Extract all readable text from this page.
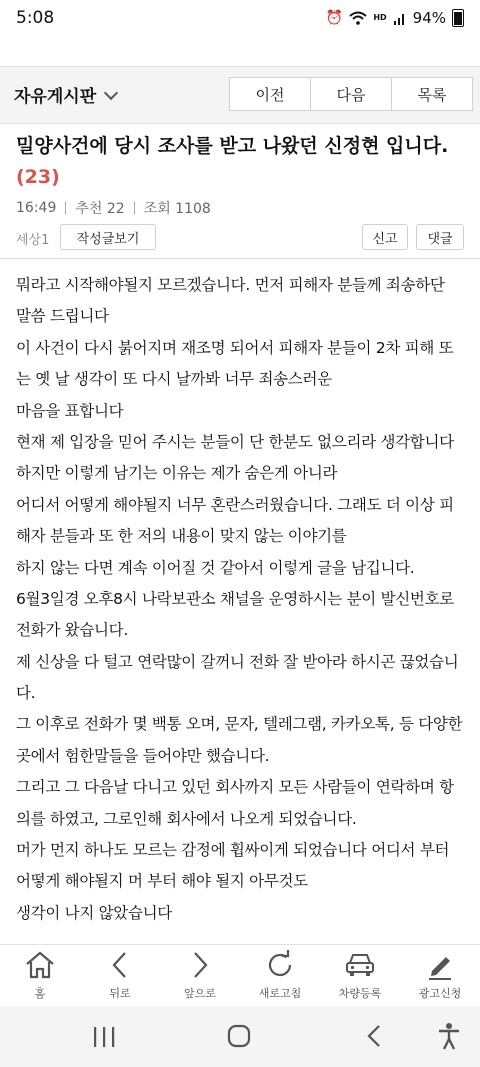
5:08	⏰	HD 94%
자유게시판	이전	다음	목록
밀양사건에 당시 조사를 받고 나왔던 신정현 입니다.
(23)
16:49 추천 22 조회 1108
세상1	작성글보기	신고	댓글
뭐라고 시작해야될지 모르겠습니다. 먼저 피해자 분들께 죄송하단
말씀 드립니다
이 사건이 다시 붉어지며 재조명 되어서 피해자 분들이 2차 피해 또
는 옛 날 생각이 또 다시 날까봐 너무 죄송스러운
마음을 표합니다
현재 제 입장을 믿어 주시는 분들이 단 한분도 없으리라 생각합니다
하지만 이렇게 남기는 이유는 제가 숨은게 아니라
어디서 어떻게 해야될지 너무 혼란스러웠습니다. 그래도 더 이상 피
해자 분들과 또 한 저의 내용이 맞지 않는 이야기를
하지 않는 다면 계속 이어질 것 같아서 이렇게 글을 남깁니다.
6월3일경 오후8시 나락보관소 채널을 운영하시는 분이 발신번호로
전화가 왔습니다.
제 신상을 다 털고 연락많이 갈꺼니 전화 잘 받아라 하시곤 끊었습니
다.
그 이후로 전화가 몇 백통 오며, 문자, 텔레그램, 카카오톡, 등 다양한
곳에서 험한말들을 들어야만 했습니다.
그리고 그 다음날 다니고 있던 회사까지 모든 사람들이 연락하며 항
의를 하였고, 그로인해 회사에서 나오게 되었습니다.
머가 먼지 하나도 모르는 감정에 휩싸이게 되었습니다 어디서 부터
어떻게 해야될지 머 부터 해야 될지 아무것도
생각이 나지 않았습니다
홈	뒤로	앞으로	새로고침	차량등록	광고신청
